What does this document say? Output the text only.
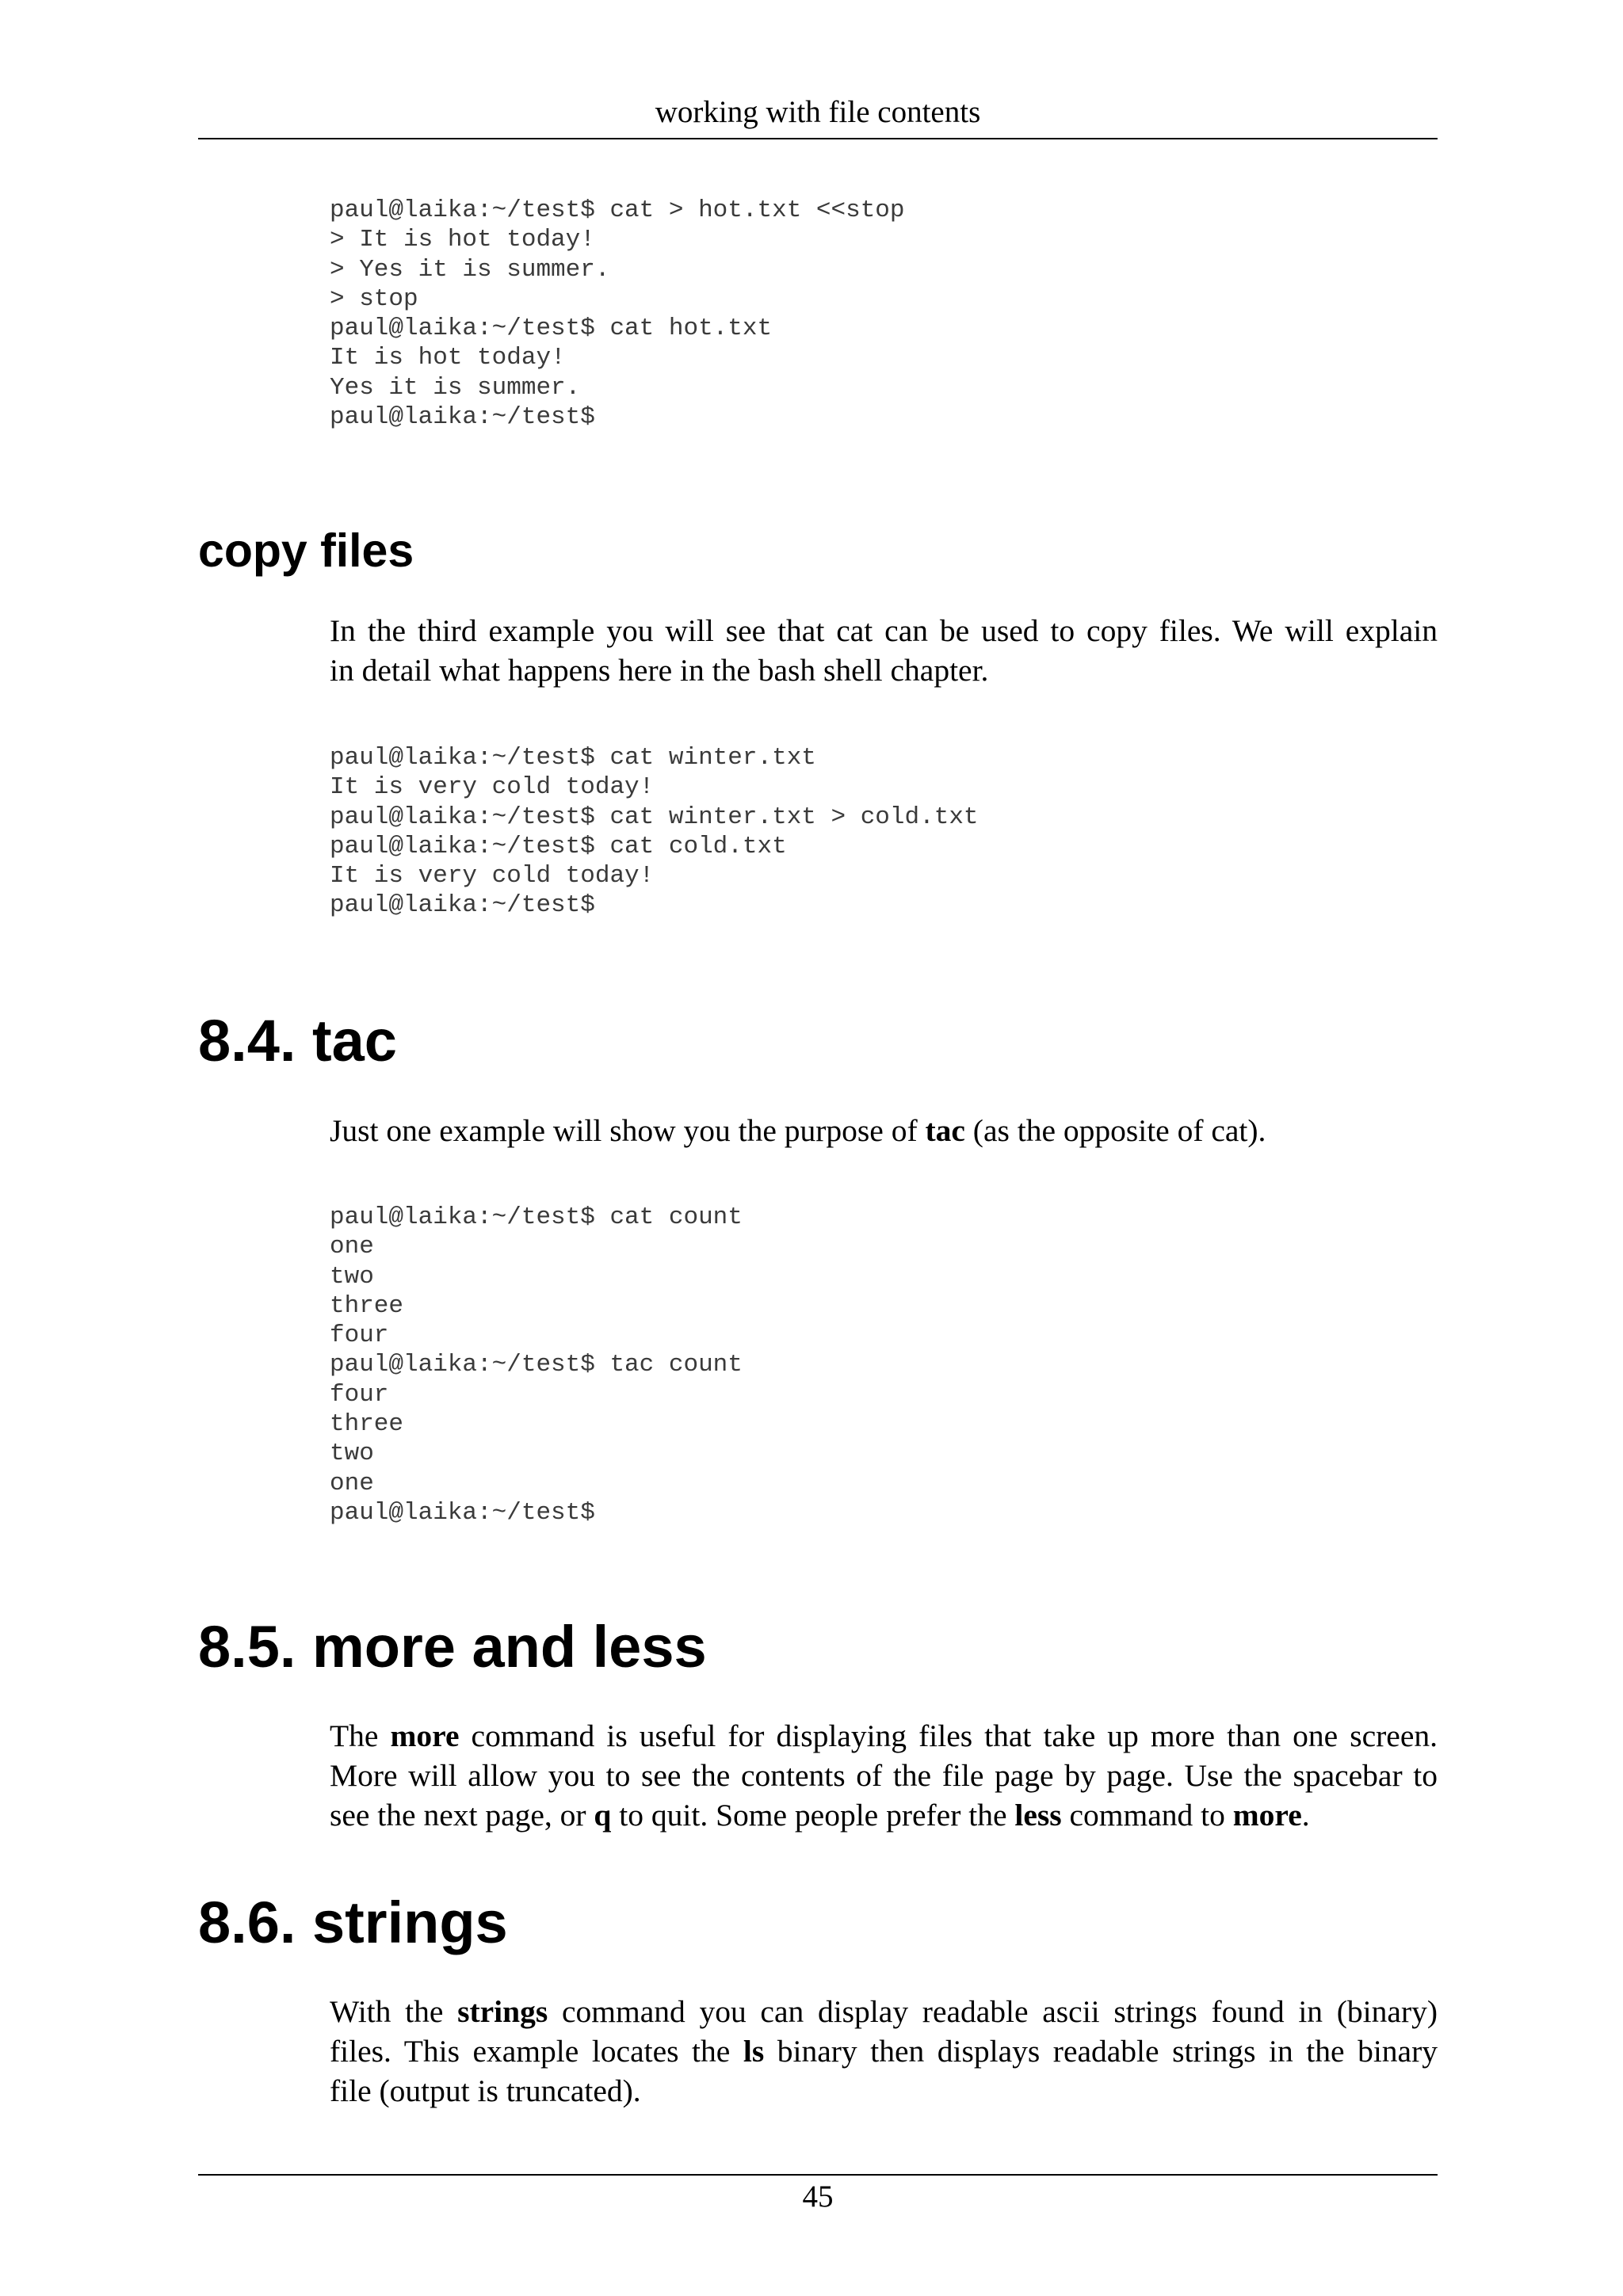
working with file contents
paul@laika:~/test$ cat > hot.txt <<stop
> It is hot today!
> Yes it is summer.
> stop
paul@laika:~/test$ cat hot.txt
It is hot today!
Yes it is summer.
paul@laika:~/test$
copy files

In the third example you will see that cat can be used to copy files. We will explain
in detail what happens here in the bash shell chapter.

paul@laika:~/test$ cat winter.txt
It is very cold today!
paul@laika:~/test$ cat winter.txt > cold.txt
paul@laika:~/test$ cat cold.txt
It is very cold today!
paul@laika:~/test$
8.4. tac

Just one example will show you the purpose of tac (as the opposite of cat).

paul@laika:~/test$ cat count
one
two
three
four
paul@laika:~/test$ tac count
four
three
two
one
paul@laika:~/test$
8.5. more and less

The more command is useful for displaying files that take up more than one screen.
More will allow you to see the contents of the file page by page. Use the spacebar to
see the next page, or q to quit. Some people prefer the less command to more.

8.6. strings

With the strings command you can display readable ascii strings found in (binary)
files. This example locates the ls binary then displays readable strings in the binary
file (output is truncated).

45
